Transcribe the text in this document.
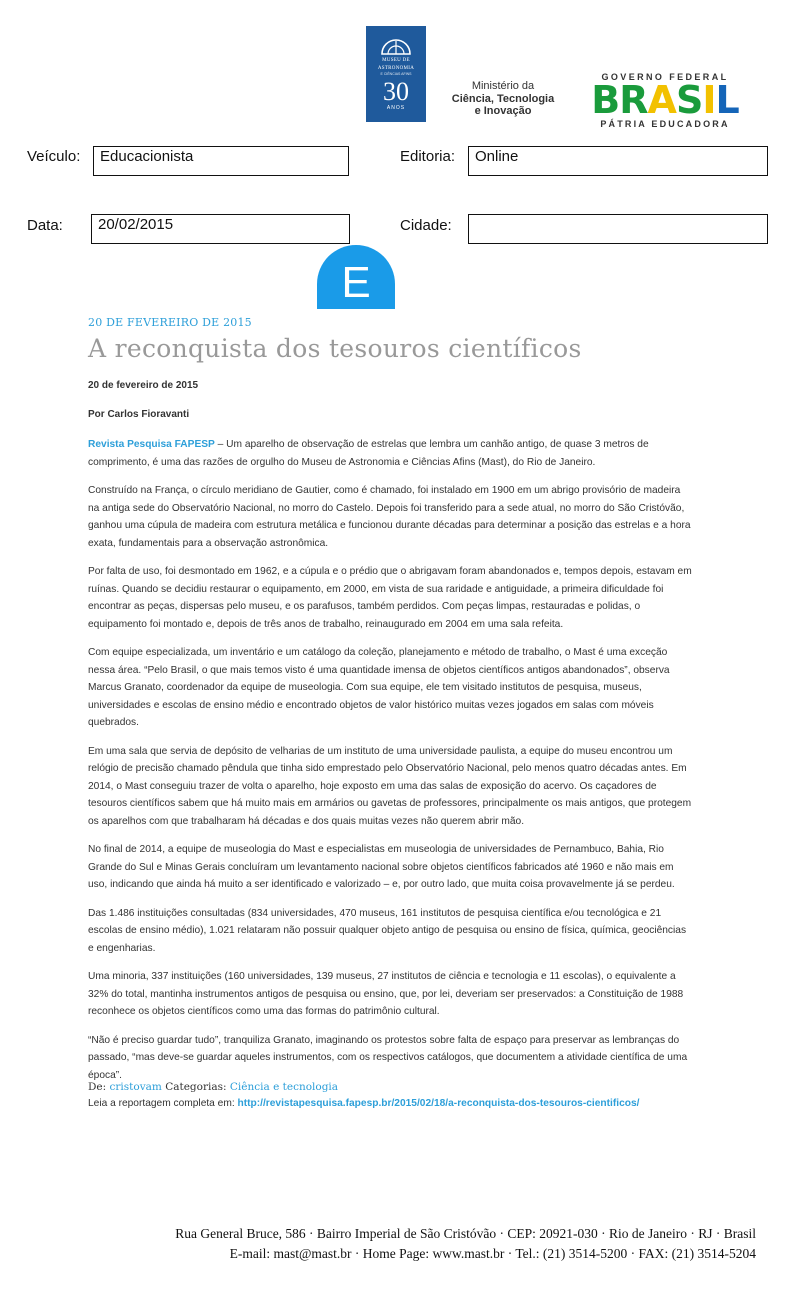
MUSEU DE
ASTRONOMIA
E CIÊNCIAS AFINS
30
ANOS
Ministério da
Ciência, Tecnologia
e Inovação
GOVERNO FEDERAL
BRASIL
PÁTRIA EDUCADORA
Veículo:	Educacionista	Editoria:	Online
Data:	20/02/2015	Cidade:
E
20 DE FEVEREIRO DE 2015
A reconquista dos tesouros científicos
20 de fevereiro de 2015
Por Carlos Fioravanti

Revista Pesquisa FAPESP – Um aparelho de observação de estrelas que lembra um canhão antigo, de quase 3 metros de comprimento, é uma das razões de orgulho do Museu de Astronomia e Ciências Afins (Mast), do Rio de Janeiro.

Construído na França, o círculo meridiano de Gautier, como é chamado, foi instalado em 1900 em um abrigo provisório de madeira na antiga sede do Observatório Nacional, no morro do Castelo. Depois foi transferido para a sede atual, no morro do São Cristóvão, ganhou uma cúpula de madeira com estrutura metálica e funcionou durante décadas para determinar a posição das estrelas e a hora exata, fundamentais para a observação astronômica.

Por falta de uso, foi desmontado em 1962, e a cúpula e o prédio que o abrigavam foram abandonados e, tempos depois, estavam em ruínas. Quando se decidiu restaurar o equipamento, em 2000, em vista de sua raridade e antiguidade, a primeira dificuldade foi encontrar as peças, dispersas pelo museu, e os parafusos, também perdidos. Com peças limpas, restauradas e polidas, o equipamento foi montado e, depois de três anos de trabalho, reinaugurado em 2004 em uma sala refeita.

Com equipe especializada, um inventário e um catálogo da coleção, planejamento e método de trabalho, o Mast é uma exceção nessa área. “Pelo Brasil, o que mais temos visto é uma quantidade imensa de objetos científicos antigos abandonados”, observa Marcus Granato, coordenador da equipe de museologia. Com sua equipe, ele tem visitado institutos de pesquisa, museus, universidades e escolas de ensino médio e encontrado objetos de valor histórico muitas vezes jogados em salas com móveis quebrados.

Em uma sala que servia de depósito de velharias de um instituto de uma universidade paulista, a equipe do museu encontrou um relógio de precisão chamado pêndula que tinha sido emprestado pelo Observatório Nacional, pelo menos quatro décadas antes. Em 2014, o Mast conseguiu trazer de volta o aparelho, hoje exposto em uma das salas de exposição do acervo. Os caçadores de tesouros científicos sabem que há muito mais em armários ou gavetas de professores, principalmente os mais antigos, que protegem os aparelhos com que trabalharam há décadas e dos quais muitas vezes não querem abrir mão.

No final de 2014, a equipe de museologia do Mast e especialistas em museologia de universidades de Pernambuco, Bahia, Rio Grande do Sul e Minas Gerais concluíram um levantamento nacional sobre objetos científicos fabricados até 1960 e não mais em uso, indicando que ainda há muito a ser identificado e valorizado – e, por outro lado, que muita coisa provavelmente já se perdeu.

Das 1.486 instituições consultadas (834 universidades, 470 museus, 161 institutos de pesquisa científica e/ou tecnológica e 21 escolas de ensino médio), 1.021 relataram não possuir qualquer objeto antigo de pesquisa ou ensino de física, química, geociências e engenharias.

Uma minoria, 337 instituições (160 universidades, 139 museus, 27 institutos de ciência e tecnologia e 11 escolas), o equivalente a 32% do total, mantinha instrumentos antigos de pesquisa ou ensino, que, por lei, deveriam ser preservados: a Constituição de 1988 reconhece os objetos científicos como uma das formas do patrimônio cultural.

“Não é preciso guardar tudo”, tranquiliza Granato, imaginando os protestos sobre falta de espaço para preservar as lembranças do passado, “mas deve-se guardar aqueles instrumentos, com os respectivos catálogos, que documentem a atividade científica de uma época”.

Leia a reportagem completa em: http://revistapesquisa.fapesp.br/2015/02/18/a-reconquista-dos-tesouros-cientificos/

De: cristovam Categorias: Ciência e tecnologia
Rua General Bruce, 586 · Bairro Imperial de São Cristóvão · CEP: 20921-030 · Rio de Janeiro · RJ · Brasil
E-mail: mast@mast.br · Home Page: www.mast.br · Tel.: (21) 3514-5200 · FAX: (21) 3514-5204
